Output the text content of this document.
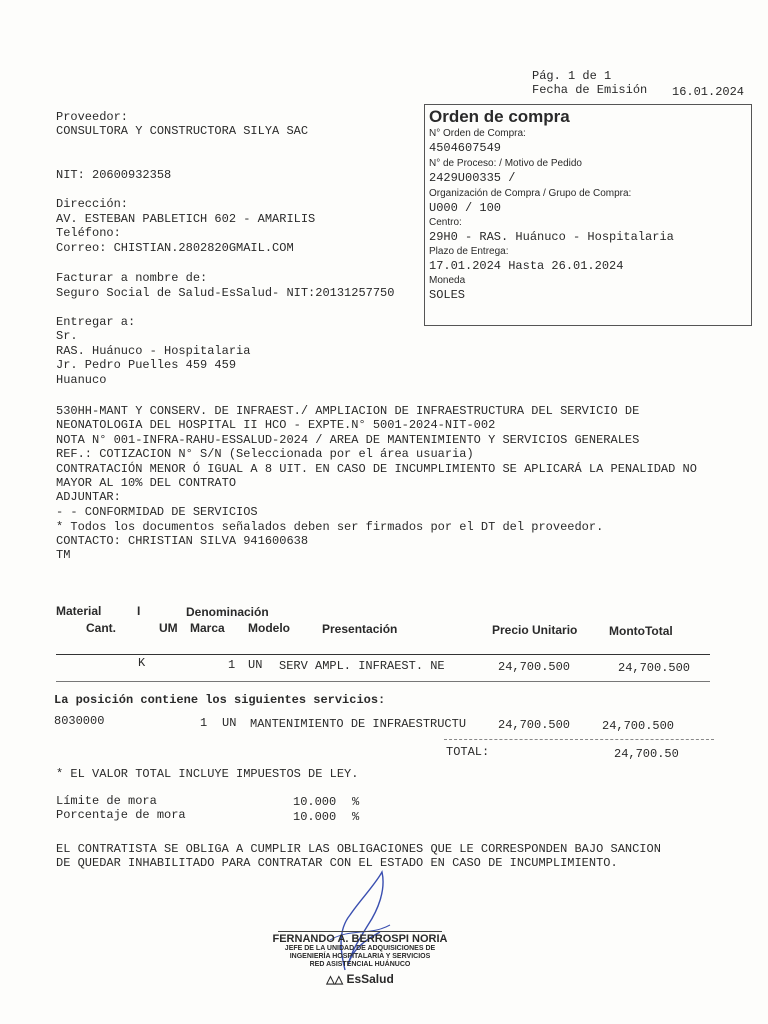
Pág. 1 de 1
Fecha de Emisión 16.01.2024
Proveedor:
CONSULTORA Y CONSTRUCTORA SILYA SAC
NIT: 20600932358
Dirección:
AV. ESTEBAN PABLETICH 602 - AMARILIS
Teléfono:
Correo: CHISTIAN.2802820GMAIL.COM
Facturar a nombre de:
Seguro Social de Salud-EsSalud- NIT:20131257750
Entregar a:
Sr.
RAS. Huánuco - Hospitalaria
Jr. Pedro Puelles 459 459
Huanuco
Orden de compra
N° Orden de Compra:
4504607549
N° de Proceso: / Motivo de Pedido
2429U00335 /
Organización de Compra / Grupo de Compra:
U000 / 100
Centro:
29H0 - RAS. Huánuco - Hospitalaria
Plazo de Entrega:
17.01.2024 Hasta 26.01.2024
Moneda
SOLES
530HH-MANT Y CONSERV. DE INFRAEST./ AMPLIACION DE INFRAESTRUCTURA DEL SERVICIO DE
NEONATOLOGIA DEL HOSPITAL II HCO - EXPTE.N° 5001-2024-NIT-002
NOTA N° 001-INFRA-RAHU-ESSALUD-2024 / AREA DE MANTENIMIENTO Y SERVICIOS GENERALES
REF.: COTIZACION N° S/N (Seleccionada por el área usuaria)
CONTRATACIÓN MENOR Ó IGUAL A 8 UIT. EN CASO DE INCUMPLIMIENTO SE APLICARÁ LA PENALIDAD NO
MAYOR AL 10% DEL CONTRATO
ADJUNTAR:
- - CONFORMIDAD DE SERVICIOS
* Todos los documentos señalados deben ser firmados por el DT del proveedor.
CONTACTO: CHRISTIAN SILVA 941600638
TM
Material	I	Denominación
Cant.	UM Marca Modelo	Presentación	Precio Unitario	MontoTotal
K	1 UN SERV AMPL. INFRAEST. NE	24,700.500	24,700.500
La posición contiene los siguientes servicios:
8030000	1 UN MANTENIMIENTO DE INFRAESTRUCTU	24,700.500	24,700.500
TOTAL:	24,700.50
* EL VALOR TOTAL INCLUYE IMPUESTOS DE LEY.
Límite de mora	10.000 %
Porcentaje de mora	10.000 %
EL CONTRATISTA SE OBLIGA A CUMPLIR LAS OBLIGACIONES QUE LE CORRESPONDEN BAJO SANCION
DE QUEDAR INHABILITADO PARA CONTRATAR CON EL ESTADO EN CASO DE INCUMPLIMIENTO.
FERNANDO A. BERROSPI NORIA
JEFE DE LA UNIDAD DE ADQUISICIONES DE
INGENIERÍA HOSPITALARIA Y SERVICIOS
RED ASISTENCIAL HUÁNUCO
△△ EsSalud
